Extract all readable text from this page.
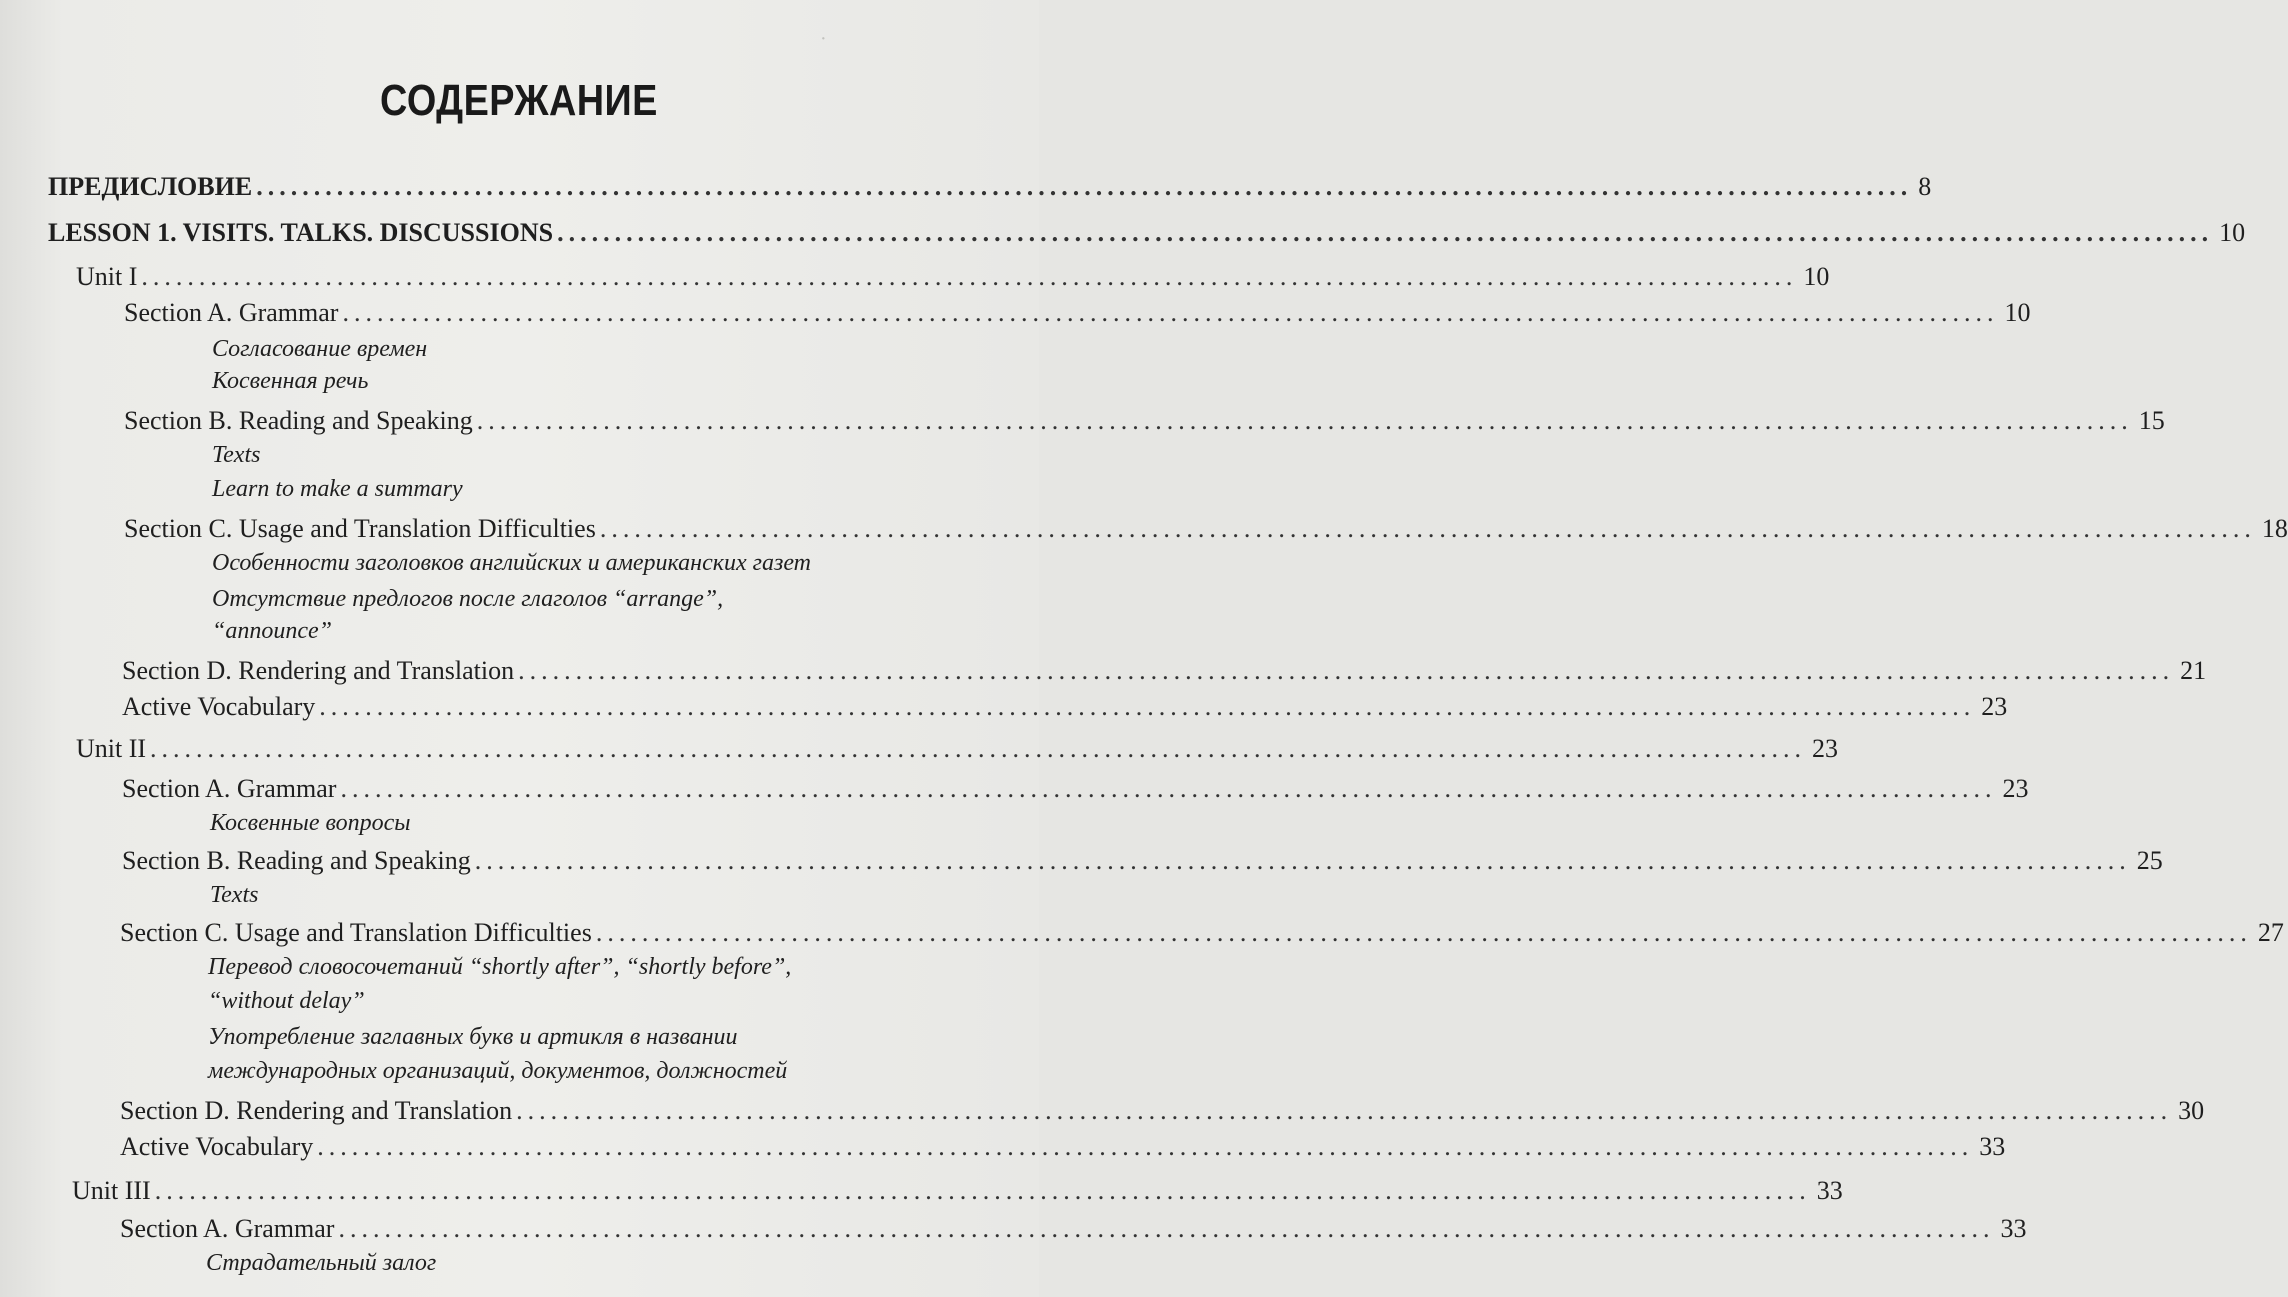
·
СОДЕРЖАНИЕ
ПРЕДИСЛОВИЕ ................................................................................................................................................ 8
LESSON 1. VISITS. TALKS. DISCUSSIONS ................................................................................................................................................ 10
Unit I ................................................................................................................................................ 10
Section A. Grammar ................................................................................................................................................ 10
Согласование времен
Косвенная речь
Section B. Reading and Speaking ................................................................................................................................................ 15
Texts
Learn to make a summary
Section C. Usage and Translation Difficulties ................................................................................................................................................ 18
Особенности заголовков английских и американских газет
Отсутствие предлогов после глаголов “arrange”,
“announce”
Section D. Rendering and Translation ................................................................................................................................................ 21
Active Vocabulary ................................................................................................................................................ 23
Unit II ................................................................................................................................................ 23
Section A. Grammar ................................................................................................................................................ 23
Косвенные вопросы
Section B. Reading and Speaking ................................................................................................................................................ 25
Texts
Section C. Usage and Translation Difficulties ................................................................................................................................................ 27
Перевод словосочетаний “shortly after”, “shortly before”,
“without delay”
Употребление заглавных букв и артикля в названии
международных организаций, документов, должностей
Section D. Rendering and Translation ................................................................................................................................................ 30
Active Vocabulary ................................................................................................................................................ 33
Unit III ................................................................................................................................................ 33
Section A. Grammar ................................................................................................................................................ 33
Страдательный залог
